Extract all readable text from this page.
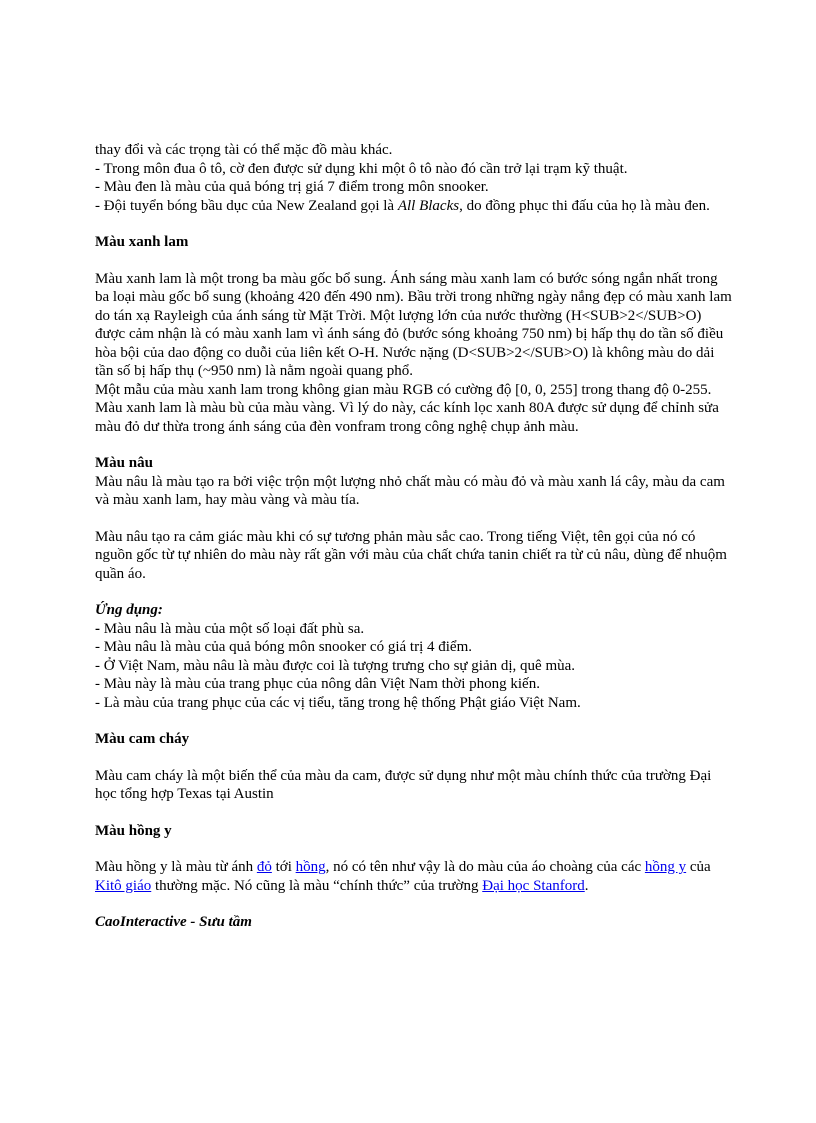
thay đổi và các trọng tài có thể mặc đồ màu khác.

- Trong môn đua ô tô, cờ đen được sử dụng khi một ô tô nào đó cần trở lại trạm kỹ thuật.

- Màu đen là màu của quả bóng trị giá 7 điểm trong môn snooker.

- Đội tuyển bóng bầu dục của New Zealand gọi là All Blacks, do đồng phục thi đấu của họ là màu đen.

Màu xanh lam

Màu xanh lam là một trong ba màu gốc bổ sung. Ánh sáng màu xanh lam có bước sóng ngắn nhất trong ba loại màu gốc bổ sung (khoảng 420 đến 490 nm). Bầu trời trong những ngày nắng đẹp có màu xanh lam do tán xạ Rayleigh của ánh sáng từ Mặt Trời. Một lượng lớn của nước thường (H<SUB>2</SUB>O) được cảm nhận là có màu xanh lam vì ánh sáng đỏ (bước sóng khoảng 750 nm) bị hấp thụ do tần số điều hòa bội của dao động co duỗi của liên kết O-H. Nước nặng (D<SUB>2</SUB>O) là không màu do dải tần số bị hấp thụ (~950 nm) là nằm ngoài quang phổ.

Một mẫu của màu xanh lam trong không gian màu RGB có cường độ [0, 0, 255] trong thang độ 0-255. Màu xanh lam là màu bù của màu vàng. Vì lý do này, các kính lọc xanh 80A được sử dụng để chỉnh sửa màu đỏ dư thừa trong ánh sáng của đèn vonfram trong công nghệ chụp ảnh màu.

Màu nâu

Màu nâu là màu tạo ra bởi việc trộn một lượng nhỏ chất màu có màu đỏ và màu xanh lá cây, màu da cam và màu xanh lam, hay màu vàng và màu tía.

Màu nâu tạo ra cảm giác màu khi có sự tương phản màu sắc cao. Trong tiếng Việt, tên gọi của nó có nguồn gốc từ tự nhiên do màu này rất gần với màu của chất chứa tanin chiết ra từ củ nâu, dùng để nhuộm quần áo.

Ứng dụng:

- Màu nâu là màu của một số loại đất phù sa.

- Màu nâu là màu của quả bóng môn snooker có giá trị 4 điểm.

- Ở Việt Nam, màu nâu là màu được coi là tượng trưng cho sự giản dị, quê mùa.

- Màu này là màu của trang phục của nông dân Việt Nam thời phong kiến.

- Là màu của trang phục của các vị tiểu, tăng trong hệ thống Phật giáo Việt Nam.

Màu cam cháy

Màu cam cháy là một biến thể của màu da cam, được sử dụng như một màu chính thức của trường Đại học tổng hợp Texas tại Austin

Màu hồng y

Màu hồng y là màu từ ánh đỏ tới hồng, nó có tên như vậy là do màu của áo choàng của các hồng y của Kitô giáo thường mặc. Nó cũng là màu “chính thức” của trường Đại học Stanford.

CaoInteractive - Sưu tầm
